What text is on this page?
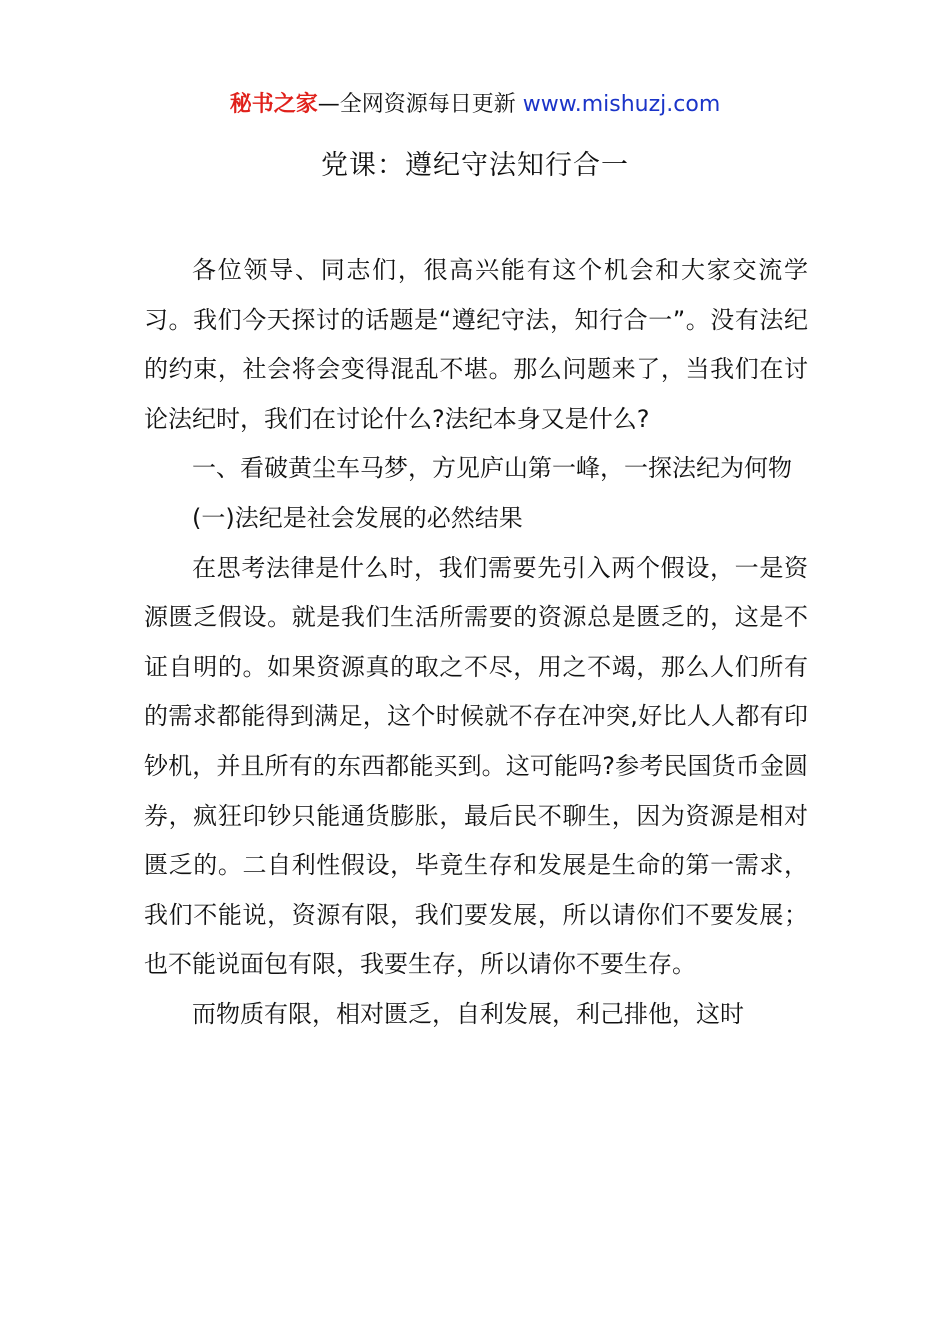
秘书之家—全网资源每日更新 www.mishuzj.com
党课：遵纪守法知行合一

各位领导、同志们，很高兴能有这个机会和大家交流学习。我们今天探讨的话题是“遵纪守法，知行合一”。没有法纪的约束，社会将会变得混乱不堪。那么问题来了，当我们在讨论法纪时，我们在讨论什么?法纪本身又是什么?

一、看破黄尘车马梦，方见庐山第一峰，一探法纪为何物

(一)法纪是社会发展的必然结果

在思考法律是什么时，我们需要先引入两个假设，一是资源匮乏假设。就是我们生活所需要的资源总是匮乏的，这是不证自明的。如果资源真的取之不尽，用之不竭，那么人们所有的需求都能得到满足，这个时候就不存在冲突,好比人人都有印钞机，并且所有的东西都能买到。这可能吗?参考民国货币金圆券，疯狂印钞只能通货膨胀，最后民不聊生，因为资源是相对匮乏的。二自利性假设，毕竟生存和发展是生命的第一需求，我们不能说，资源有限，我们要发展，所以请你们不要发展；也不能说面包有限，我要生存，所以请你不要生存。

而物质有限，相对匮乏，自利发展，利己排他，这时
